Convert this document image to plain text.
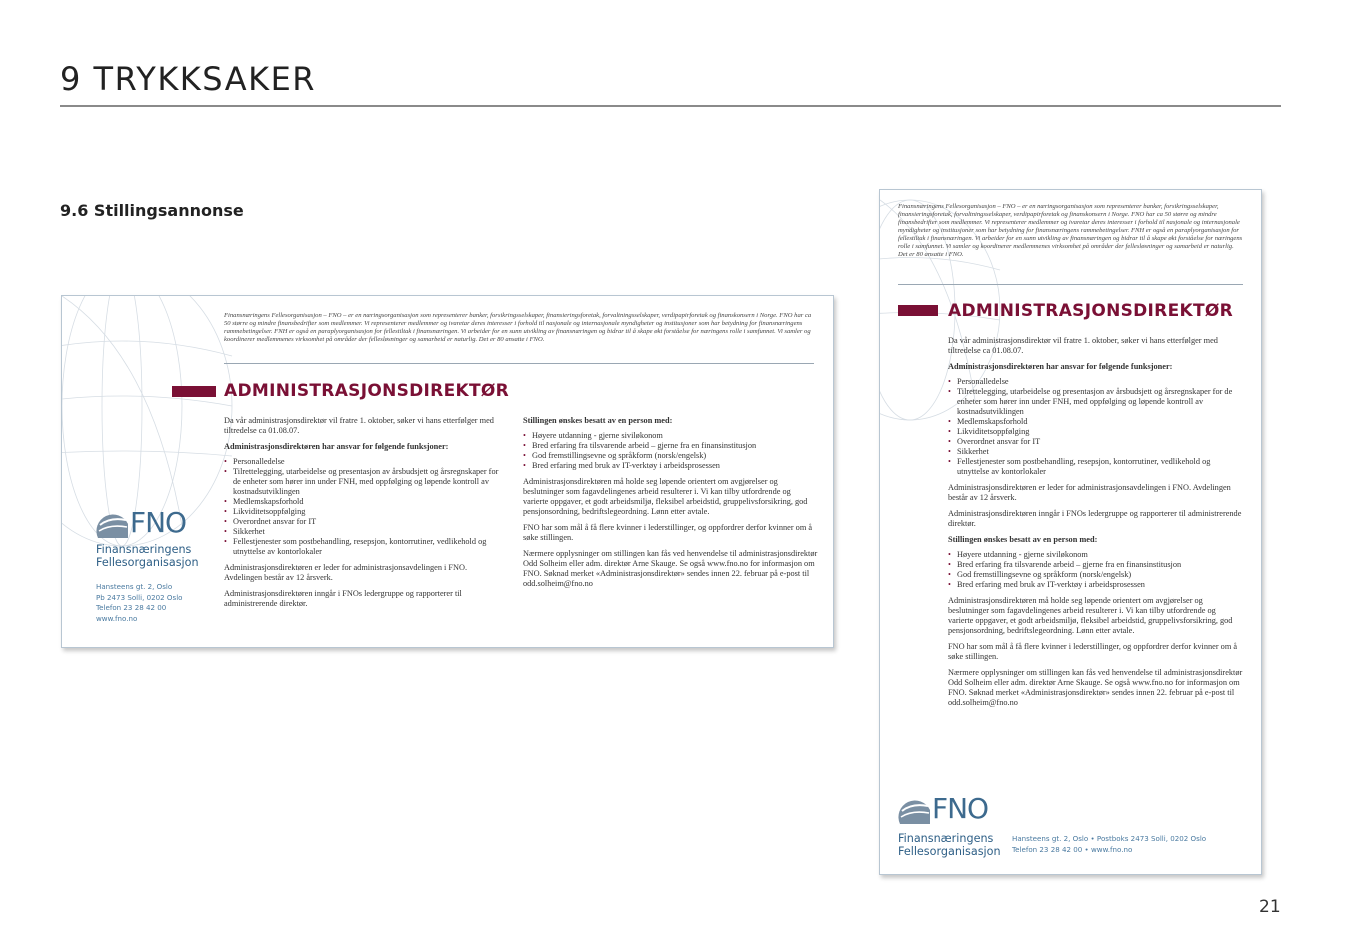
9 TRYKKSAKER
9.6 Stillingsannonse
Finansnæringens Fellesorganisasjon – FNO – er en næringsorganisasjon som representerer banker, forsikringsselskaper, finansieringsforetak, forvaltningsselskaper, verdipapirforetak og finanskonsern i Norge. FNO har ca 50 større og mindre finansbedrifter som medlemmer. Vi representerer medlemmer og ivaretar deres interesser i forhold til nasjonale og internasjonale myndigheter og institusjoner som har betydning for finansnæringens rammebetingelser. FNH er også en paraplyorganisasjon for fellestiltak i finansnæringen. Vi arbeider for en sunn utvikling av finansnæringen og bidrar til å skape økt forståelse for næringens rolle i samfunnet. Vi samler og koordinerer medlemmenes virksomhet på områder der fellesløsninger og samarbeid er naturlig. Det er 80 ansatte i FNO.
ADMINISTRASJONSDIREKTØR

Da vår administrasjonsdirektør vil fratre 1. oktober, søker vi hans etterfølger med tiltredelse ca 01.08.07.

Administrasjonsdirektøren har ansvar for følgende funksjoner:
• Personalledelse
• Tilrettelegging, utarbeidelse og presentasjon av årsbudsjett og årsregnskaper for de enheter som hører inn under FNH, med oppfølging og løpende kontroll av kostnadsutviklingen
• Medlemskapsforhold
• Likviditetsoppfølging
• Overordnet ansvar for IT
• Sikkerhet
• Fellestjenester som postbehandling, resepsjon, kontorrutiner, vedlikehold og utnyttelse av kontorlokaler

Administrasjonsdirektøren er leder for administrasjonsavdelingen i FNO. Avdelingen består av 12 årsverk.

Administrasjonsdirektøren inngår i FNOs ledergruppe og rapporterer til administrerende direktør.

Stillingen ønskes besatt av en person med:
• Høyere utdanning - gjerne siviløkonom
• Bred erfaring fra tilsvarende arbeid – gjerne fra en finansinstitusjon
• God fremstillingsevne og språkform (norsk/engelsk)
• Bred erfaring med bruk av IT-verktøy i arbeidsprosessen

Administrasjonsdirektøren må holde seg løpende orientert om avgjørelser og beslutninger som fagavdelingenes arbeid resulterer i. Vi kan tilby utfordrende og varierte oppgaver, et godt arbeidsmiljø, fleksibel arbeidstid, gruppelivsforsikring, god pensjonsordning, bedriftslegeordning. Lønn etter avtale.

FNO har som mål å få flere kvinner i lederstillinger, og oppfordrer derfor kvinner om å søke stillingen.

Nærmere opplysninger om stillingen kan fås ved henvendelse til administrasjonsdirektør Odd Solheim eller adm. direktør Arne Skauge. Se også www.fno.no for informasjon om FNO. Søknad merket «Administrasjonsdirektør» sendes innen 22. februar på e-post til odd.solheim@fno.no

FNO
Finansnæringens
Fellesorganisasjon
Hansteens gt. 2, Oslo
Pb 2473 Solli, 0202 Oslo
Telefon 23 28 42 00
www.fno.no
Finansnæringens Fellesorganisasjon – FNO – er en næringsorganisasjon som representerer banker, forsikringsselskaper, finansieringsforetak, forvaltningsselskaper, verdipapirforetak og finanskonsern i Norge. FNO har ca 50 større og mindre finansbedrifter som medlemmer. Vi representerer medlemmer og ivaretar deres interesser i forhold til nasjonale og internasjonale myndigheter og institusjoner som har betydning for finansnæringens rammebetingelser. FNH er også en paraplyorganisasjon for fellestiltak i finansnæringen. Vi arbeider for en sunn utvikling av finansnæringen og bidrar til å skape økt forståelse for næringens rolle i samfunnet. Vi samler og koordinerer medlemmenes virksomhet på områder der fellesløsninger og samarbeid er naturlig. Det er 80 ansatte i FNO.
ADMINISTRASJONSDIREKTØR

Da vår administrasjonsdirektør vil fratre 1. oktober, søker vi hans etterfølger med tiltredelse ca 01.08.07.

Administrasjonsdirektøren har ansvar for følgende funksjoner:
• Personalledelse
• Tilrettelegging, utarbeidelse og presentasjon av årsbudsjett og årsregnskaper for de enheter som hører inn under FNH, med oppfølging og løpende kontroll av kostnadsutviklingen
• Medlemskapsforhold
• Likviditetsoppfølging
• Overordnet ansvar for IT
• Sikkerhet
• Fellestjenester som postbehandling, resepsjon, kontorrutiner, vedlikehold og utnyttelse av kontorlokaler

Administrasjonsdirektøren er leder for administrasjonsavdelingen i FNO. Avdelingen består av 12 årsverk.

Administrasjonsdirektøren inngår i FNOs ledergruppe og rapporterer til administrerende direktør.

Stillingen ønskes besatt av en person med:
• Høyere utdanning - gjerne siviløkonom
• Bred erfaring fra tilsvarende arbeid – gjerne fra en finansinstitusjon
• God fremstillingsevne og språkform (norsk/engelsk)
• Bred erfaring med bruk av IT-verktøy i arbeidsprosessen

Administrasjonsdirektøren må holde seg løpende orientert om avgjørelser og beslutninger som fagavdelingenes arbeid resulterer i. Vi kan tilby utfordrende og varierte oppgaver, et godt arbeidsmiljø, fleksibel arbeidstid, gruppelivsforsikring, god pensjonsordning, bedriftslegeordning. Lønn etter avtale.

FNO har som mål å få flere kvinner i lederstillinger, og oppfordrer derfor kvinner om å søke stillingen.

Nærmere opplysninger om stillingen kan fås ved henvendelse til administrasjonsdirektør Odd Solheim eller adm. direktør Arne Skauge. Se også www.fno.no for informasjon om FNO. Søknad merket «Administrasjonsdirektør» sendes innen 22. februar på e-post til odd.solheim@fno.no

FNO
Finansnæringens
Fellesorganisasjon
Hansteens gt. 2, Oslo • Postboks 2473 Solli, 0202 Oslo
Telefon 23 28 42 00 • www.fno.no
21
